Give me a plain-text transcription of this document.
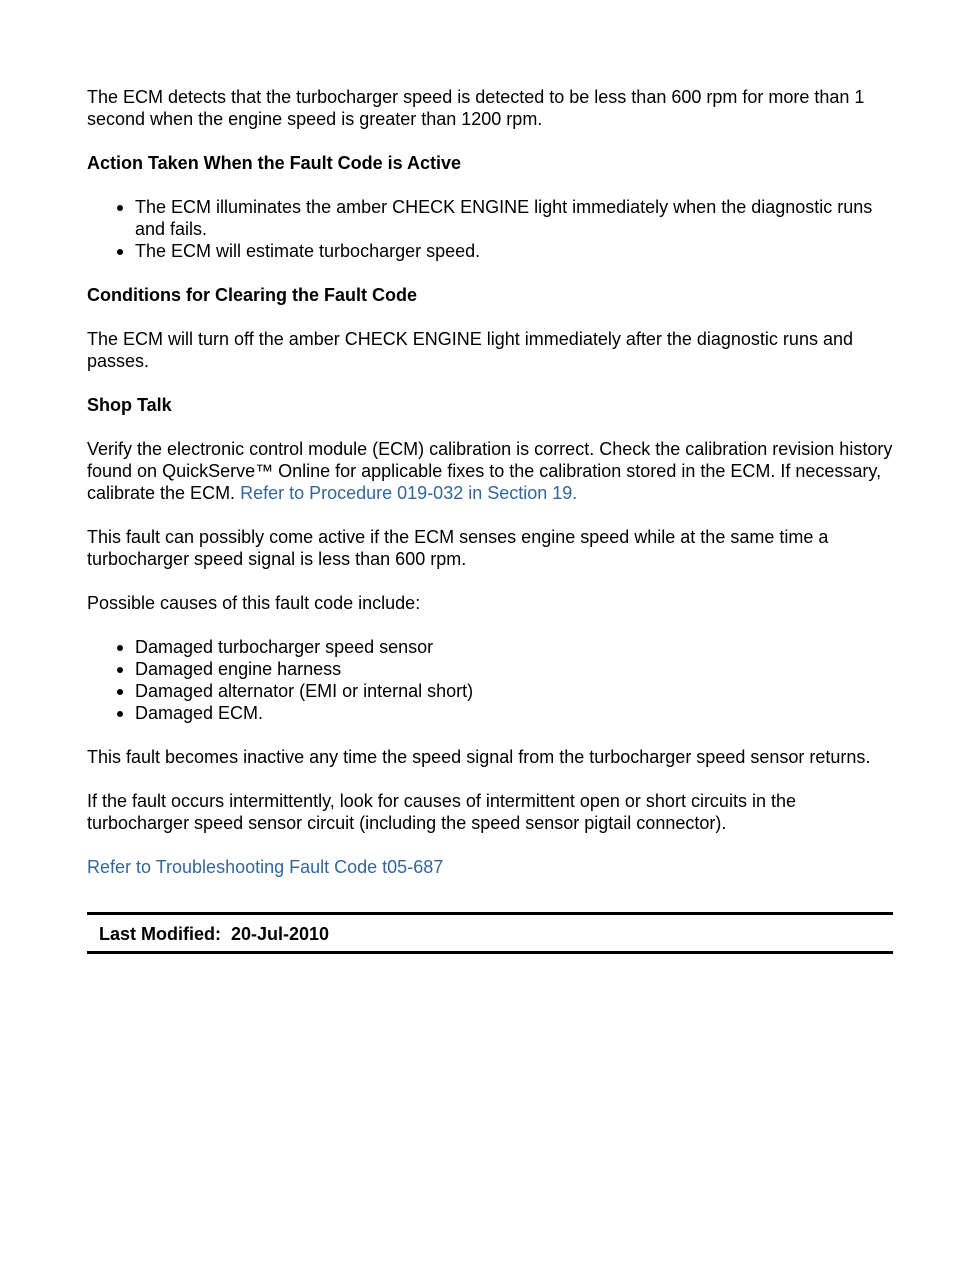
The ECM detects that the turbocharger speed is detected to be less than 600 rpm for more than 1 second when the engine speed is greater than 1200 rpm.

Action Taken When the Fault Code is Active
The ECM illuminates the amber CHECK ENGINE light immediately when the diagnostic runs and fails.
The ECM will estimate turbocharger speed.
Conditions for Clearing the Fault Code

The ECM will turn off the amber CHECK ENGINE light immediately after the diagnostic runs and passes.

Shop Talk

Verify the electronic control module (ECM) calibration is correct. Check the calibration revision history found on QuickServe™ Online for applicable fixes to the calibration stored in the ECM. If necessary, calibrate the ECM. Refer to Procedure 019-032 in Section 19.

This fault can possibly come active if the ECM senses engine speed while at the same time a turbocharger speed signal is less than 600 rpm.

Possible causes of this fault code include:

Damaged turbocharger speed sensor
Damaged engine harness
Damaged alternator (EMI or internal short)
Damaged ECM.

This fault becomes inactive any time the speed signal from the turbocharger speed sensor returns.

If the fault occurs intermittently, look for causes of intermittent open or short circuits in the turbocharger speed sensor circuit (including the speed sensor pigtail connector).

Refer to Troubleshooting Fault Code t05-687

Last Modified:  20-Jul-2010
